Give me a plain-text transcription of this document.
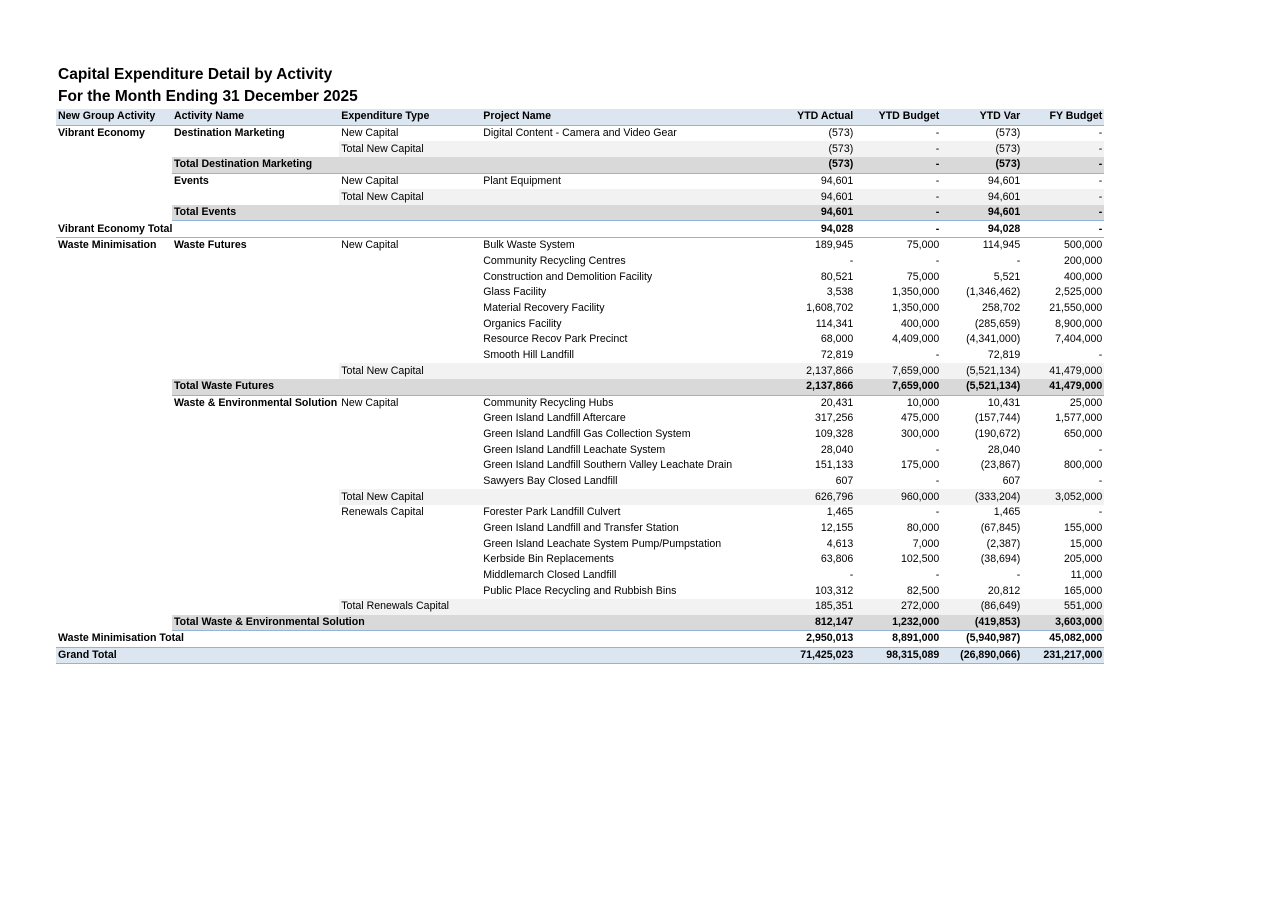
Capital Expenditure Detail by Activity
For the Month Ending 31 December 2025
New Group Activity	Activity Name	Expenditure Type	Project Name	YTD Actual	YTD Budget	YTD Var	FY Budget
Vibrant Economy	Destination Marketing	New Capital	Digital Content - Camera and Video Gear	(573)	-	(573)	-
		Total New Capital		(573)	-	(573)	-
	Total Destination Marketing			(573)	-	(573)	-
	Events	New Capital	Plant Equipment	94,601	-	94,601	-
		Total New Capital		94,601	-	94,601	-
	Total Events			94,601	-	94,601	-
Vibrant Economy Total				94,028	-	94,028	-
Waste Minimisation	Waste Futures	New Capital	Bulk Waste System	189,945	75,000	114,945	500,000
			Community Recycling Centres	-	-	-	200,000
			Construction and Demolition Facility	80,521	75,000	5,521	400,000
			Glass Facility	3,538	1,350,000	(1,346,462)	2,525,000
			Material Recovery Facility	1,608,702	1,350,000	258,702	21,550,000
			Organics Facility	114,341	400,000	(285,659)	8,900,000
			Resource Recov Park Precinct	68,000	4,409,000	(4,341,000)	7,404,000
			Smooth Hill Landfill	72,819	-	72,819	-
		Total New Capital		2,137,866	7,659,000	(5,521,134)	41,479,000
	Total Waste Futures			2,137,866	7,659,000	(5,521,134)	41,479,000
	Waste & Environmental Solution	New Capital	Community Recycling Hubs	20,431	10,000	10,431	25,000
			Green Island Landfill Aftercare	317,256	475,000	(157,744)	1,577,000
			Green Island Landfill Gas Collection System	109,328	300,000	(190,672)	650,000
			Green Island Landfill Leachate System	28,040	-	28,040	-
			Green Island Landfill Southern Valley Leachate Drain	151,133	175,000	(23,867)	800,000
			Sawyers Bay Closed Landfill	607	-	607	-
		Total New Capital		626,796	960,000	(333,204)	3,052,000
		Renewals Capital	Forester Park Landfill Culvert	1,465	-	1,465	-
			Green Island Landfill and Transfer Station	12,155	80,000	(67,845)	155,000
			Green Island Leachate System Pump/Pumpstation	4,613	7,000	(2,387)	15,000
			Kerbside Bin Replacements	63,806	102,500	(38,694)	205,000
			Middlemarch Closed Landfill	-	-	-	11,000
			Public Place Recycling and Rubbish Bins	103,312	82,500	20,812	165,000
		Total Renewals Capital		185,351	272,000	(86,649)	551,000
	Total Waste & Environmental Solution			812,147	1,232,000	(419,853)	3,603,000
Waste Minimisation Total				2,950,013	8,891,000	(5,940,987)	45,082,000
Grand Total				71,425,023	98,315,089	(26,890,066)	231,217,000
